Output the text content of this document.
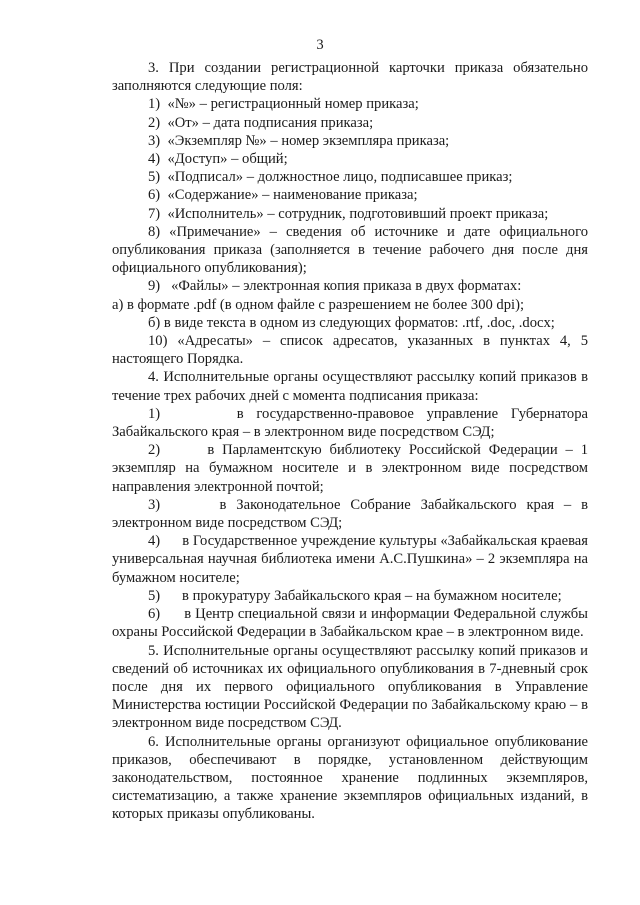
3

3. При создании регистрационной карточки приказа обязательно заполняются следующие поля:

1)  «№» – регистрационный номер приказа;

2)  «От» – дата подписания приказа;

3)  «Экземпляр №» – номер экземпляра приказа;

4)  «Доступ» – общий;

5)  «Подписал» – должностное лицо, подписавшее приказ;

6)  «Содержание» – наименование приказа;

7)  «Исполнитель» – сотрудник, подготовивший проект приказа;

8) «Примечание» – сведения об источнике и дате официального опубликования приказа (заполняется в течение рабочего дня после дня официального опубликования);

9)   «Файлы» – электронная копия приказа в двух форматах:

а) в формате .pdf (в одном файле с разрешением не более 300 dpi);

б) в виде текста в одном из следующих форматов: .rtf, .doc, .docx;

10) «Адресаты» – список адресатов, указанных в пунктах 4, 5 настоящего Порядка.

4. Исполнительные органы осуществляют рассылку копий приказов в течение трех рабочих дней с момента подписания приказа:

1)      в государственно-правовое управление Губернатора Забайкальского края – в электронном виде посредством СЭД;

2)      в Парламентскую библиотеку Российской Федерации – 1 экземпляр на бумажном носителе и в электронном виде посредством направления электронной почтой;

3)      в Законодательное Собрание Забайкальского края – в электронном виде посредством СЭД;

4)      в Государственное учреждение культуры «Забайкальская краевая универсальная научная библиотека имени А.С.Пушкина» – 2 экземпляра на бумажном носителе;

5)      в прокуратуру Забайкальского края – на бумажном носителе;

6)      в Центр специальной связи и информации Федеральной службы охраны Российской Федерации в Забайкальском крае – в электронном виде.

5. Исполнительные органы осуществляют рассылку копий приказов и сведений об источниках их официального опубликования в 7-дневный срок после дня их первого официального опубликования в Управление Министерства юстиции Российской Федерации по Забайкальскому краю – в электронном виде посредством СЭД.

6. Исполнительные органы организуют официальное опубликование приказов, обеспечивают в порядке, установленном действующим законодательством, постоянное хранение подлинных экземпляров, систематизацию, а также хранение экземпляров официальных изданий, в которых приказы опубликованы.
